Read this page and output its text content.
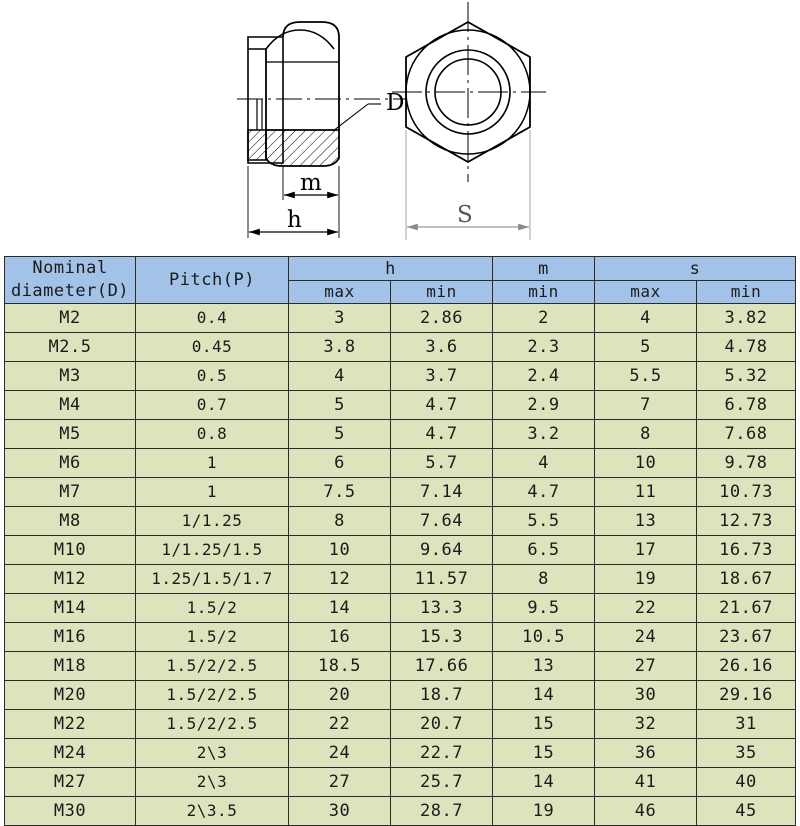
D
m
h	S
Nominal
diameter(D)	Pitch(P)	h		m	s	
		max	min	min	max	min
M2	0.4	3	2.86	2	4	3.82
M2.5	0.45	3.8	3.6	2.3	5	4.78
M3	0.5	4	3.7	2.4	5.5	5.32
M4	0.7	5	4.7	2.9	7	6.78
M5	0.8	5	4.7	3.2	8	7.68
M6	1	6	5.7	4	10	9.78
M7	1	7.5	7.14	4.7	11	10.73
M8	1/1.25	8	7.64	5.5	13	12.73
M10	1/1.25/1.5	10	9.64	6.5	17	16.73
M12	1.25/1.5/1.7	12	11.57	8	19	18.67
M14	1.5/2	14	13.3	9.5	22	21.67
M16	1.5/2	16	15.3	10.5	24	23.67
M18	1.5/2/2.5	18.5	17.66	13	27	26.16
M20	1.5/2/2.5	20	18.7	14	30	29.16
M22	1.5/2/2.5	22	20.7	15	32	31
M24	2\3	24	22.7	15	36	35
M27	2\3	27	25.7	14	41	40
M30	2\3.5	30	28.7	19	46	45
